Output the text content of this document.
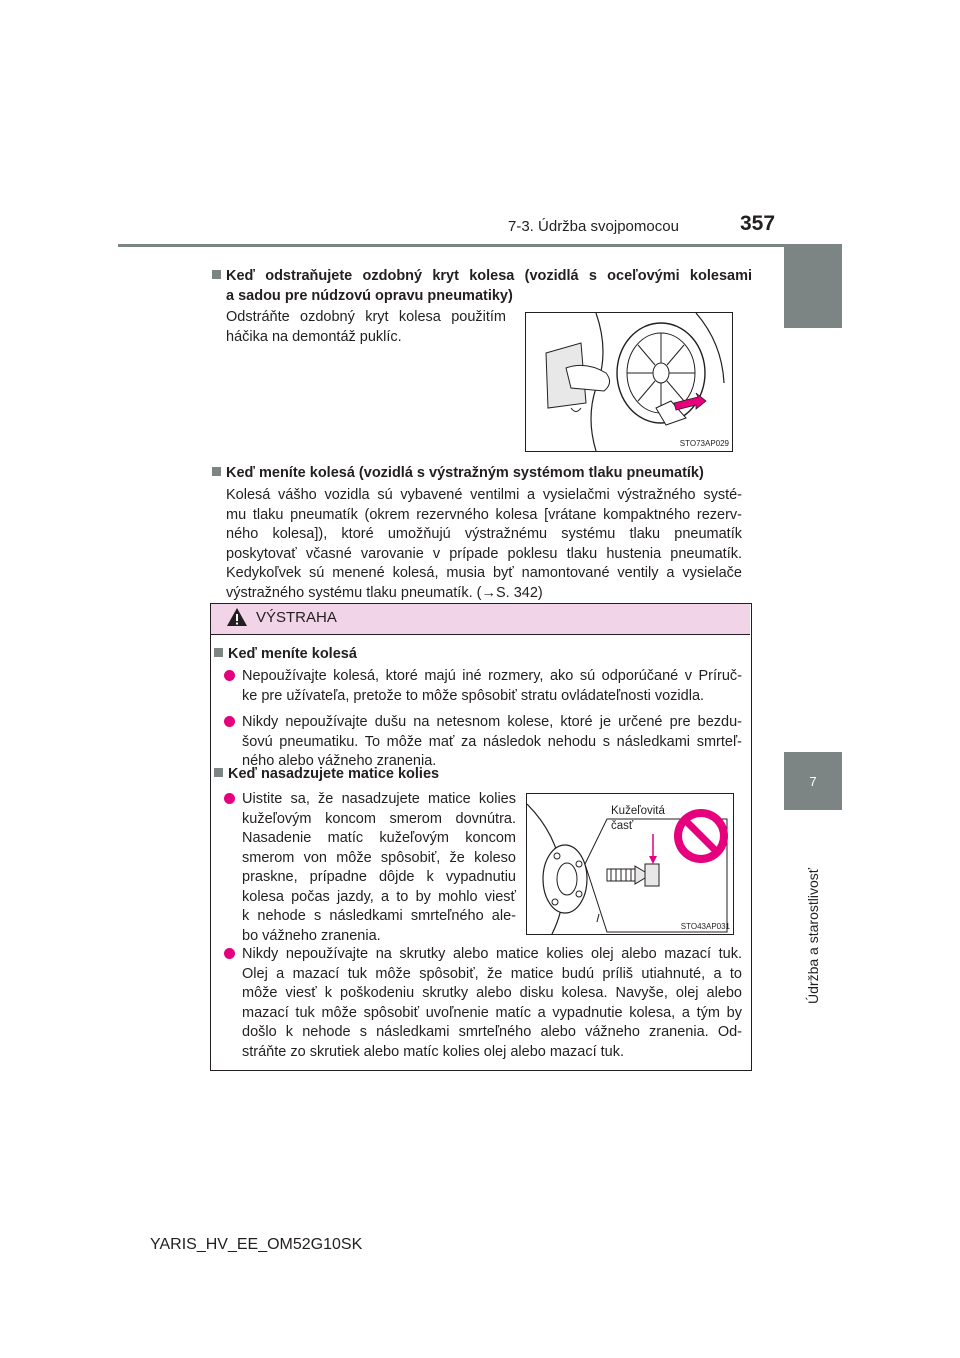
7-3. Údržba svojpomocou	357
7
Údržba a starostlivosť
Keď odstraňujete ozdobný kryt kolesa (vozidlá s oceľovými kolesami
a sadou pre núdzovú opravu pneumatiky)
Odstráňte ozdobný kryt kolesa použitím
háčika na demontáž puklíc.
STO73AP029
Keď meníte kolesá (vozidlá s výstražným systémom tlaku pneumatík)
Kolesá vášho vozidla sú vybavené ventilmi a vysielačmi výstražného systé-
mu tlaku pneumatík (okrem rezervného kolesa [vrátane kompaktného rezerv-
ného kolesa]), ktoré umožňujú výstražnému systému tlaku pneumatík
poskytovať včasné varovanie v prípade poklesu tlaku hustenia pneumatík.
Kedykoľvek sú menené kolesá, musia byť namontované ventily a vysielače
výstražného systému tlaku pneumatík. (→S. 342)
VÝSTRAHA
Keď meníte kolesá
Nepoužívajte kolesá, ktoré majú iné rozmery, ako sú odporúčané v Príruč-
ke pre užívateľa, pretože to môže spôsobiť stratu ovládateľnosti vozidla.
Nikdy nepoužívajte dušu na netesnom kolese, ktoré je určené pre bezdu-
šovú pneumatiku. To môže mať za následok nehodu s následkami smrteľ-
ného alebo vážneho zranenia.
Keď nasadzujete matice kolies
Uistite sa, že nasadzujete matice kolies
kužeľovým koncom smerom dovnútra.
Nasadenie matíc kužeľovým koncom
smerom von môže spôsobiť, že koleso
praskne, prípadne dôjde k vypadnutiu
kolesa počas jazdy, a to by mohlo viesť
k nehode s následkami smrteľného ale-
bo vážneho zranenia.
Kužeľovitá
časť
STO43AP031
Nikdy nepoužívajte na skrutky alebo matice kolies olej alebo mazací tuk.
Olej a mazací tuk môže spôsobiť, že matice budú príliš utiahnuté, a to
môže viesť k poškodeniu skrutky alebo disku kolesa. Navyše, olej alebo
mazací tuk môže spôsobiť uvoľnenie matíc a vypadnutie kolesa, a tým by
došlo k nehode s následkami smrteľného alebo vážneho zranenia. Od-
stráňte zo skrutiek alebo matíc kolies olej alebo mazací tuk.
YARIS_HV_EE_OM52G10SK
